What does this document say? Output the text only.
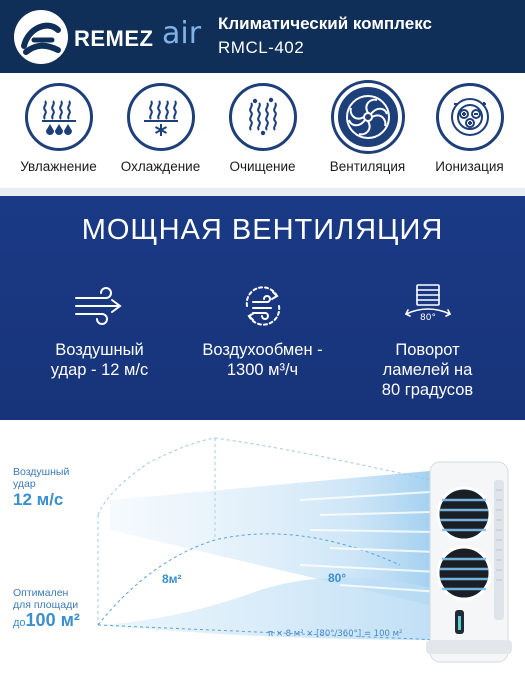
REMEZ air Климатический комплекс
RMCL-402
Увлажнение	Охлаждение	Очищение	Вентиляция	Ионизация
МОЩНАЯ ВЕНТИЛЯЦИЯ
Воздушный
удар - 12 м/с
Воздухообмен -
1300 м³/ч
80°
Поворот
ламелей на
80 градусов
8м²	80°
Воздушный
удар
12 м/с
Оптимален
для площади
до100 м²
π × 8 м² × [80°/360°] = 100 м²
